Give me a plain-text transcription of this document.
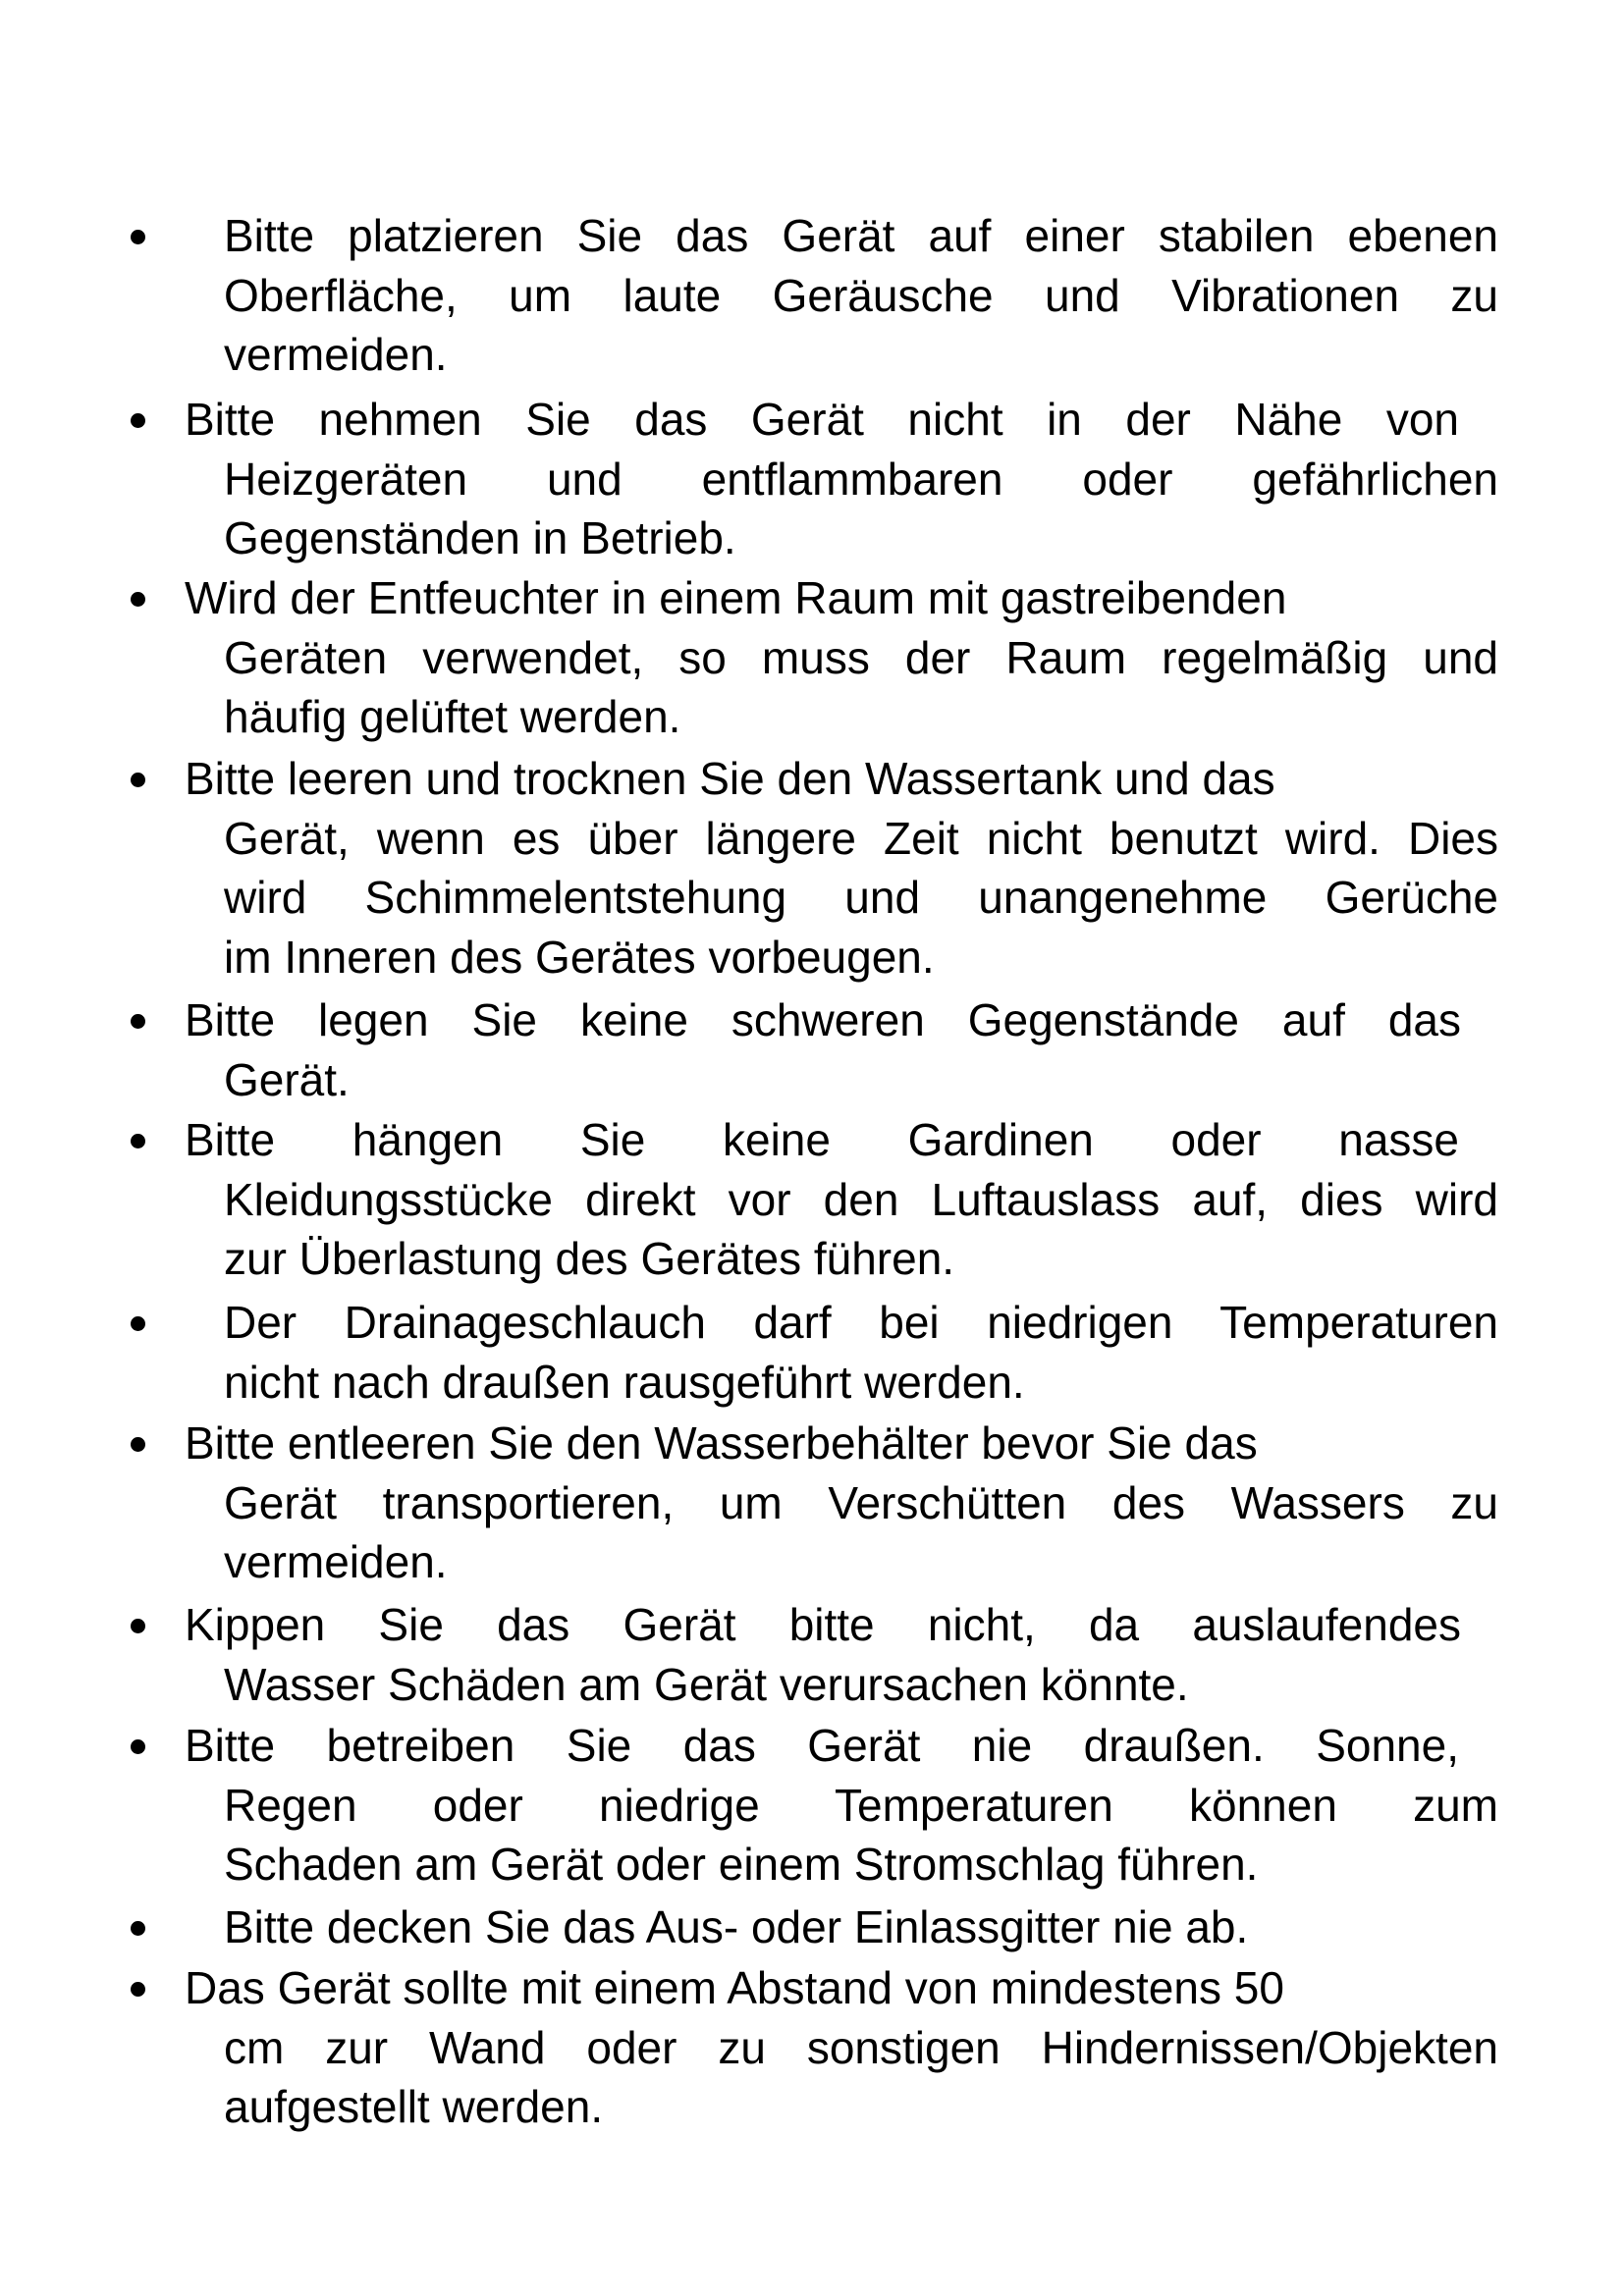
Bitte platzieren Sie das Gerät auf einer stabilen ebenen
Oberfläche, um laute Geräusche und Vibrationen zu
vermeiden.

Bitte nehmen Sie das Gerät nicht in der Nähe von
Heizgeräten und entflammbaren oder gefährlichen
Gegenständen in Betrieb.

Wird der Entfeuchter in einem Raum mit gastreibenden
Geräten verwendet, so muss der Raum regelmäßig und
häufig gelüftet werden.

Bitte leeren und trocknen Sie den Wassertank und das
Gerät, wenn es über längere Zeit nicht benutzt wird. Dies
wird Schimmelentstehung und unangenehme Gerüche
im Inneren des Gerätes vorbeugen.

Bitte legen Sie keine schweren Gegenstände auf das
Gerät.

Bitte hängen Sie keine Gardinen oder nasse
Kleidungsstücke direkt vor den Luftauslass auf, dies wird
zur Überlastung des Gerätes führen.

Der Drainageschlauch darf bei niedrigen Temperaturen
nicht nach draußen rausgeführt werden.

Bitte entleeren Sie den Wasserbehälter bevor Sie das
Gerät transportieren, um Verschütten des Wassers zu
vermeiden.

Kippen Sie das Gerät bitte nicht, da auslaufendes
Wasser Schäden am Gerät verursachen könnte.

Bitte betreiben Sie das Gerät nie draußen. Sonne,
Regen oder niedrige Temperaturen können zum
Schaden am Gerät oder einem Stromschlag führen.

Bitte decken Sie das Aus- oder Einlassgitter nie ab.

Das Gerät sollte mit einem Abstand von mindestens 50
cm zur Wand oder zu sonstigen Hindernissen/Objekten
aufgestellt werden.
